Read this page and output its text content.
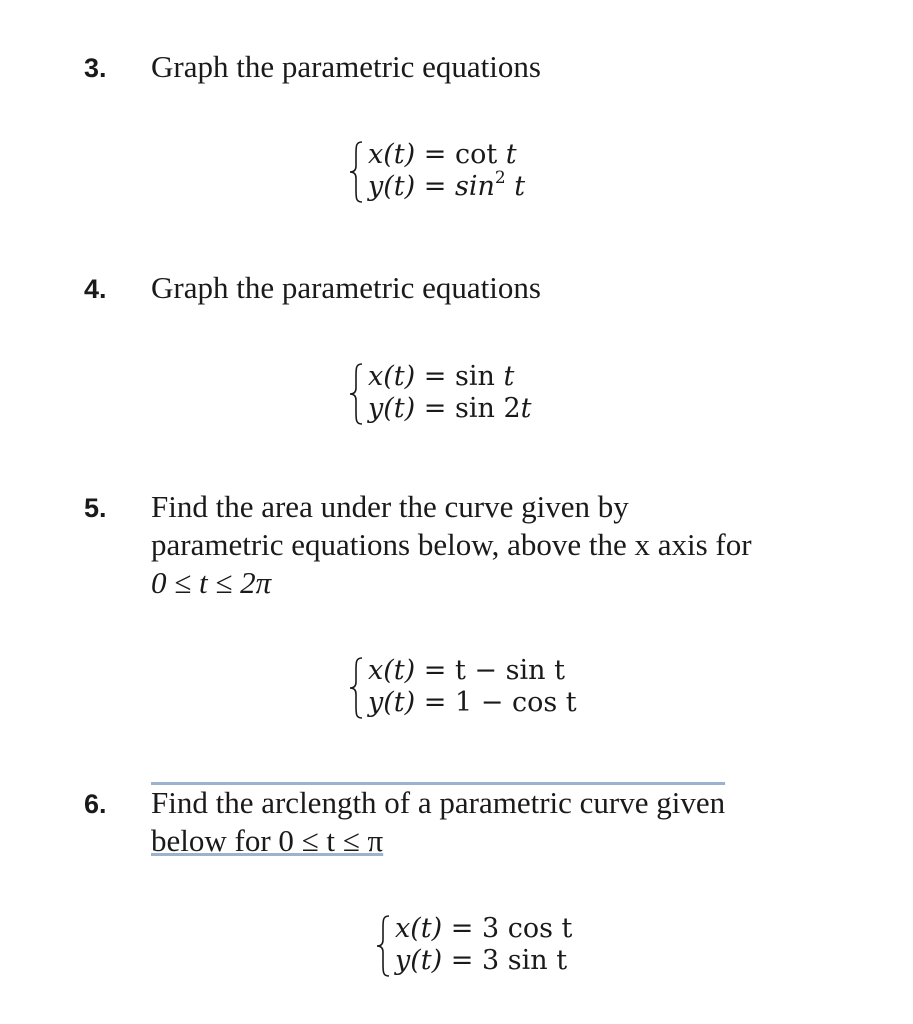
3. Graph the parametric equations
x(t) = cot t
$y(t) = \sin^2 t$
4. Graph the parametric equations
x(t) = sin t
y(t) = sin 2t
5. Find the area under the curve given by
parametric equations below, above the x axis for
0 ≤ t ≤ 2π
x(t) = t − sin t
y(t) = 1 − cos t
6. Find the arclength of a parametric curve given
below for 0 ≤ t ≤ π
x(t) = 3 cos t
y(t) = 3 sin t
